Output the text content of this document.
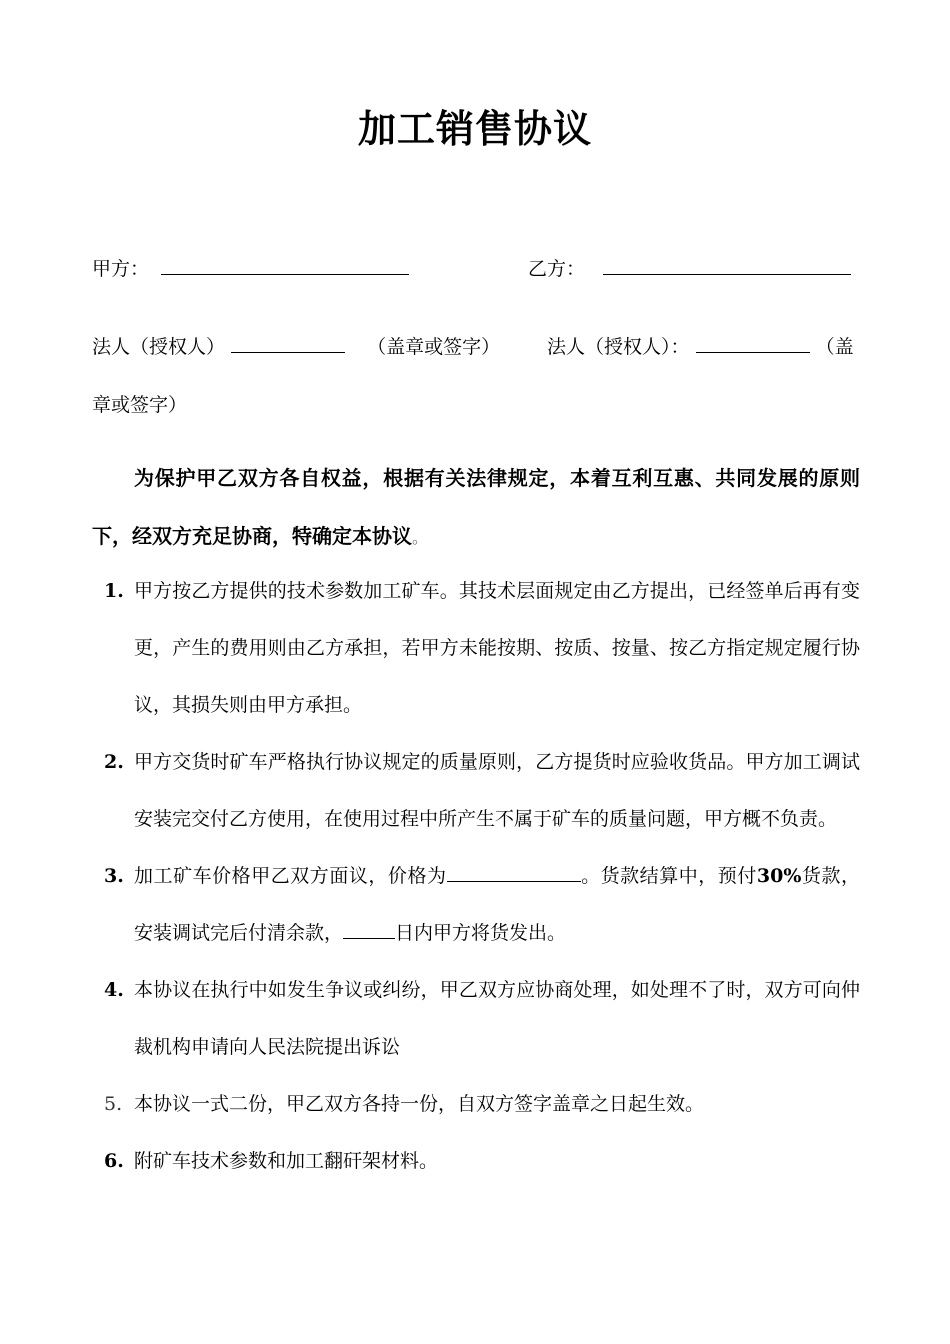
加工销售协议
甲方：	乙方：
法人（授权人）	（盖章或签字） 法人（授权人）：	（盖
章或签字）
为保护甲乙双方各自权益，根据有关法律规定，本着互利互惠、共同发展的原则下，经双方充足协商，特确定本协议。
1. 甲方按乙方提供的技术参数加工矿车。其技术层面规定由乙方提出，已经签单后再有变更，产生的费用则由乙方承担，若甲方未能按期、按质、按量、按乙方指定规定履行协议，其损失则由甲方承担。
2. 甲方交货时矿车严格执行协议规定的质量原则，乙方提货时应验收货品。甲方加工调试安装完交付乙方使用，在使用过程中所产生不属于矿车的质量问题，甲方概不负责。
3. 加工矿车价格甲乙双方面议，价格为	。货款结算中，预付30%货款，安装调试完后付清余款，	日内甲方将货发出。
4. 本协议在执行中如发生争议或纠纷，甲乙双方应协商处理，如处理不了时，双方可向仲裁机构申请向人民法院提出诉讼
5. 本协议一式二份，甲乙双方各持一份，自双方签字盖章之日起生效。
6. 附矿车技术参数和加工翻矸架材料。
